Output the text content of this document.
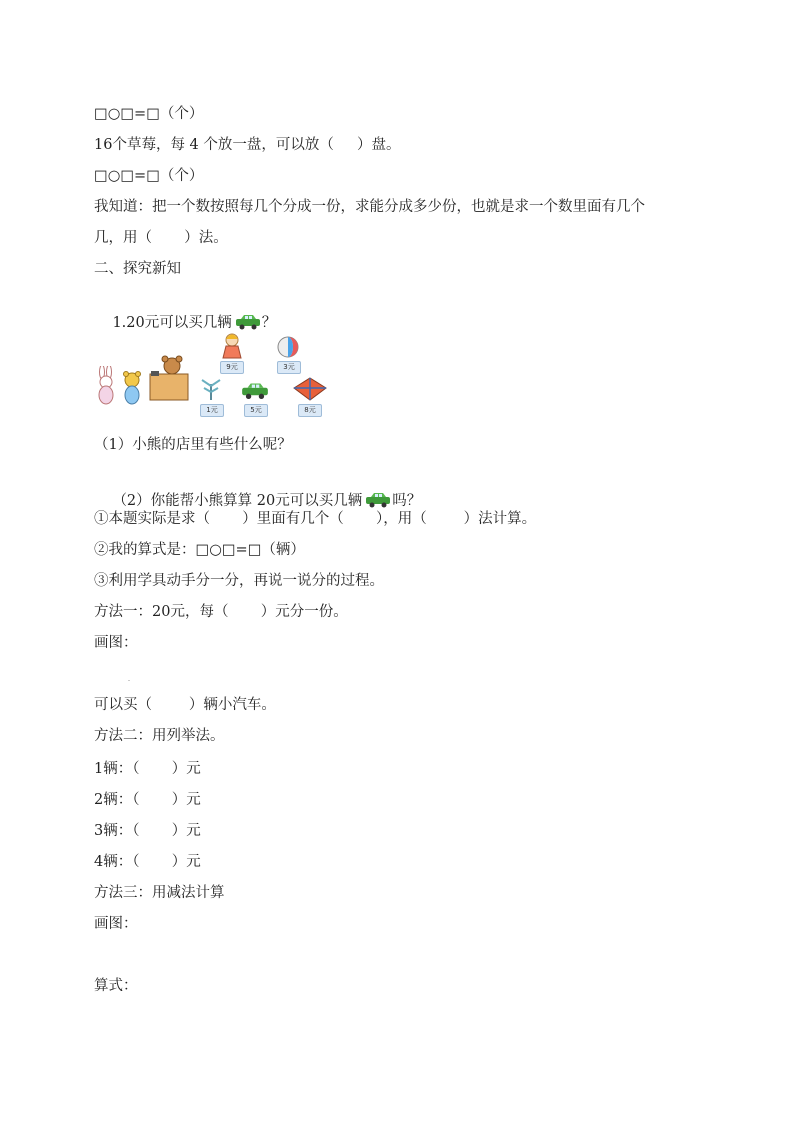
□○□=□（个）
16个草莓，每 4 个放一盘，可以放（     ）盘。
□○□=□（个）
我知道：把一个数按照每几个分成一份，求能分成多少份，也就是求一个数里面有几个
几，用（       ）法。
二、探究新知

1.20元可以买几辆 ？

9元	3元
1元	5元	8元
（1）小熊的店里有些什么呢？

（2）你能帮小熊算算 20元可以买几辆 吗？

①本题实际是求（       ）里面有几个（       ），用（        ）法计算。
②我的算式是：□○□=□（辆）
③利用学具动手分一分，再说一说分的过程。
方法一：20元，每（       ）元分一份。
画图：
可以买（        ）辆小汽车。
方法二：用列举法。
1辆：（       ）元
2辆：（       ）元
3辆：（       ）元
4辆：（       ）元
方法三：用减法计算
画图：
算式：
